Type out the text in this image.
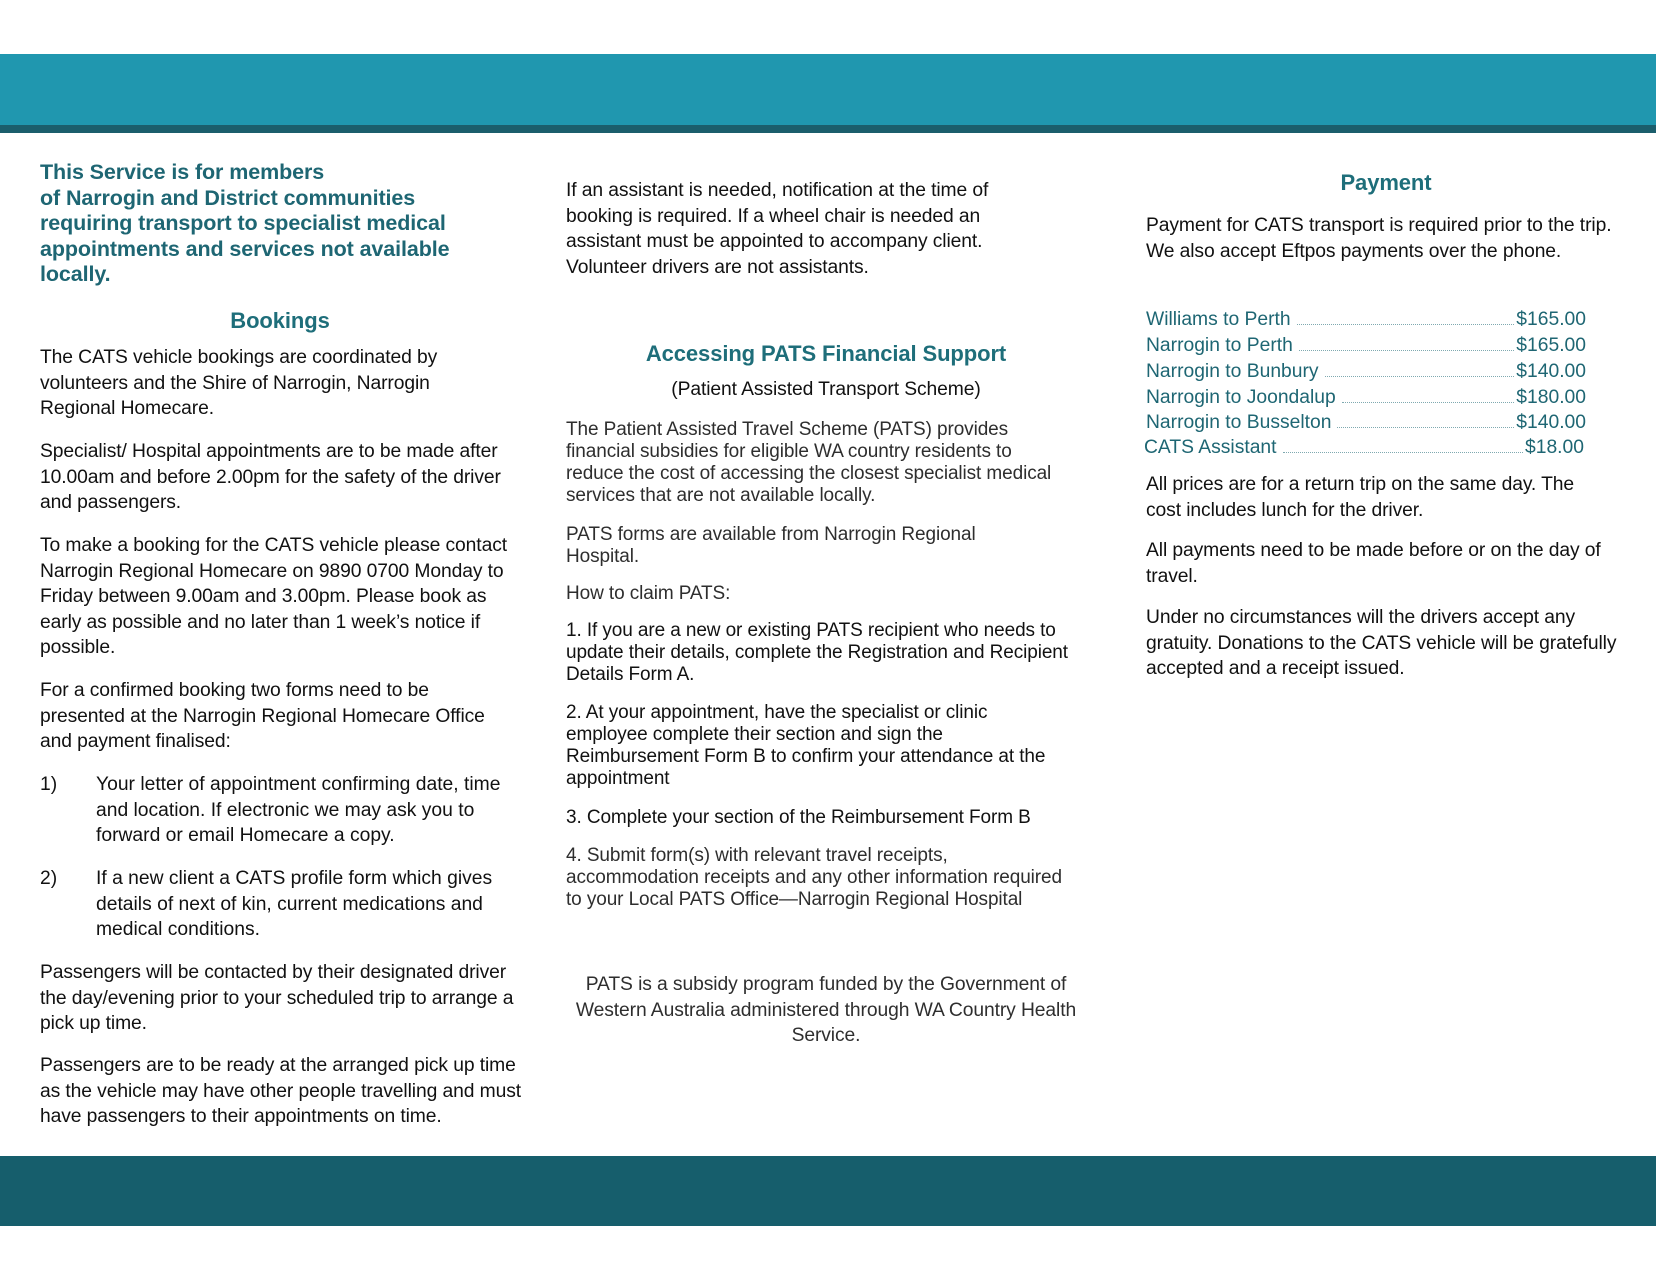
This Service is for members
of Narrogin and District communities
requiring transport to specialist medical
appointments and services not available
locally.
Bookings

The CATS vehicle bookings are coordinated by volunteers and the Shire of Narrogin, Narrogin Regional Homecare.

Specialist/ Hospital appointments are to be made after 10.00am and before 2.00pm for the safety of the driver and passengers.

To make a booking for the CATS vehicle please contact Narrogin Regional Homecare on 9890 0700 Monday to Friday between 9.00am and 3.00pm. Please book as early as possible and no later than 1 week’s notice if possible.

For a confirmed booking two forms need to be presented at the Narrogin Regional Homecare Office and payment finalised:

1) Your letter of appointment confirming date, time and location. If electronic we may ask you to forward or email Homecare a copy.
2) If a new client a CATS profile form which gives details of next of kin, current medications and medical conditions.

Passengers will be contacted by their designated driver the day/evening prior to your scheduled trip to arrange a pick up time.

Passengers are to be ready at the arranged pick up time as the vehicle may have other people travelling and must have passengers to their appointments on time.

If an assistant is needed, notification at the time of booking is required. If a wheel chair is needed an assistant must be appointed to accompany client. Volunteer drivers are not assistants.

Accessing PATS Financial Support
(Patient Assisted Transport Scheme)

The Patient Assisted Travel Scheme (PATS) provides financial subsidies for eligible WA country residents to reduce the cost of accessing the closest specialist medical services that are not available locally.

PATS forms are available from Narrogin Regional Hospital.

How to claim PATS:

1. If you are a new or existing PATS recipient who needs to update their details, complete the Registration and Recipient Details Form A.

2. At your appointment, have the specialist or clinic employee complete their section and sign the Reimbursement Form B to confirm your attendance at the appointment

3. Complete your section of the Reimbursement Form B

4. Submit form(s) with relevant travel receipts, accommodation receipts and any other information required to your Local PATS Office—Narrogin Regional Hospital

PATS is a subsidy program funded by the Government of Western Australia administered through WA Country Health Service.

Payment

Payment for CATS transport is required prior to the trip. We also accept Eftpos payments over the phone.

Williams to Perth	$165.00
Narrogin to Perth	$165.00
Narrogin to Bunbury	$140.00
Narrogin to Joondalup	$180.00
Narrogin to Busselton	$140.00
CATS Assistant	$18.00

All prices are for a return trip on the same day. The cost includes lunch for the driver.

All payments need to be made before or on the day of travel.

Under no circumstances will the drivers accept any gratuity. Donations to the CATS vehicle will be gratefully accepted and a receipt issued.
